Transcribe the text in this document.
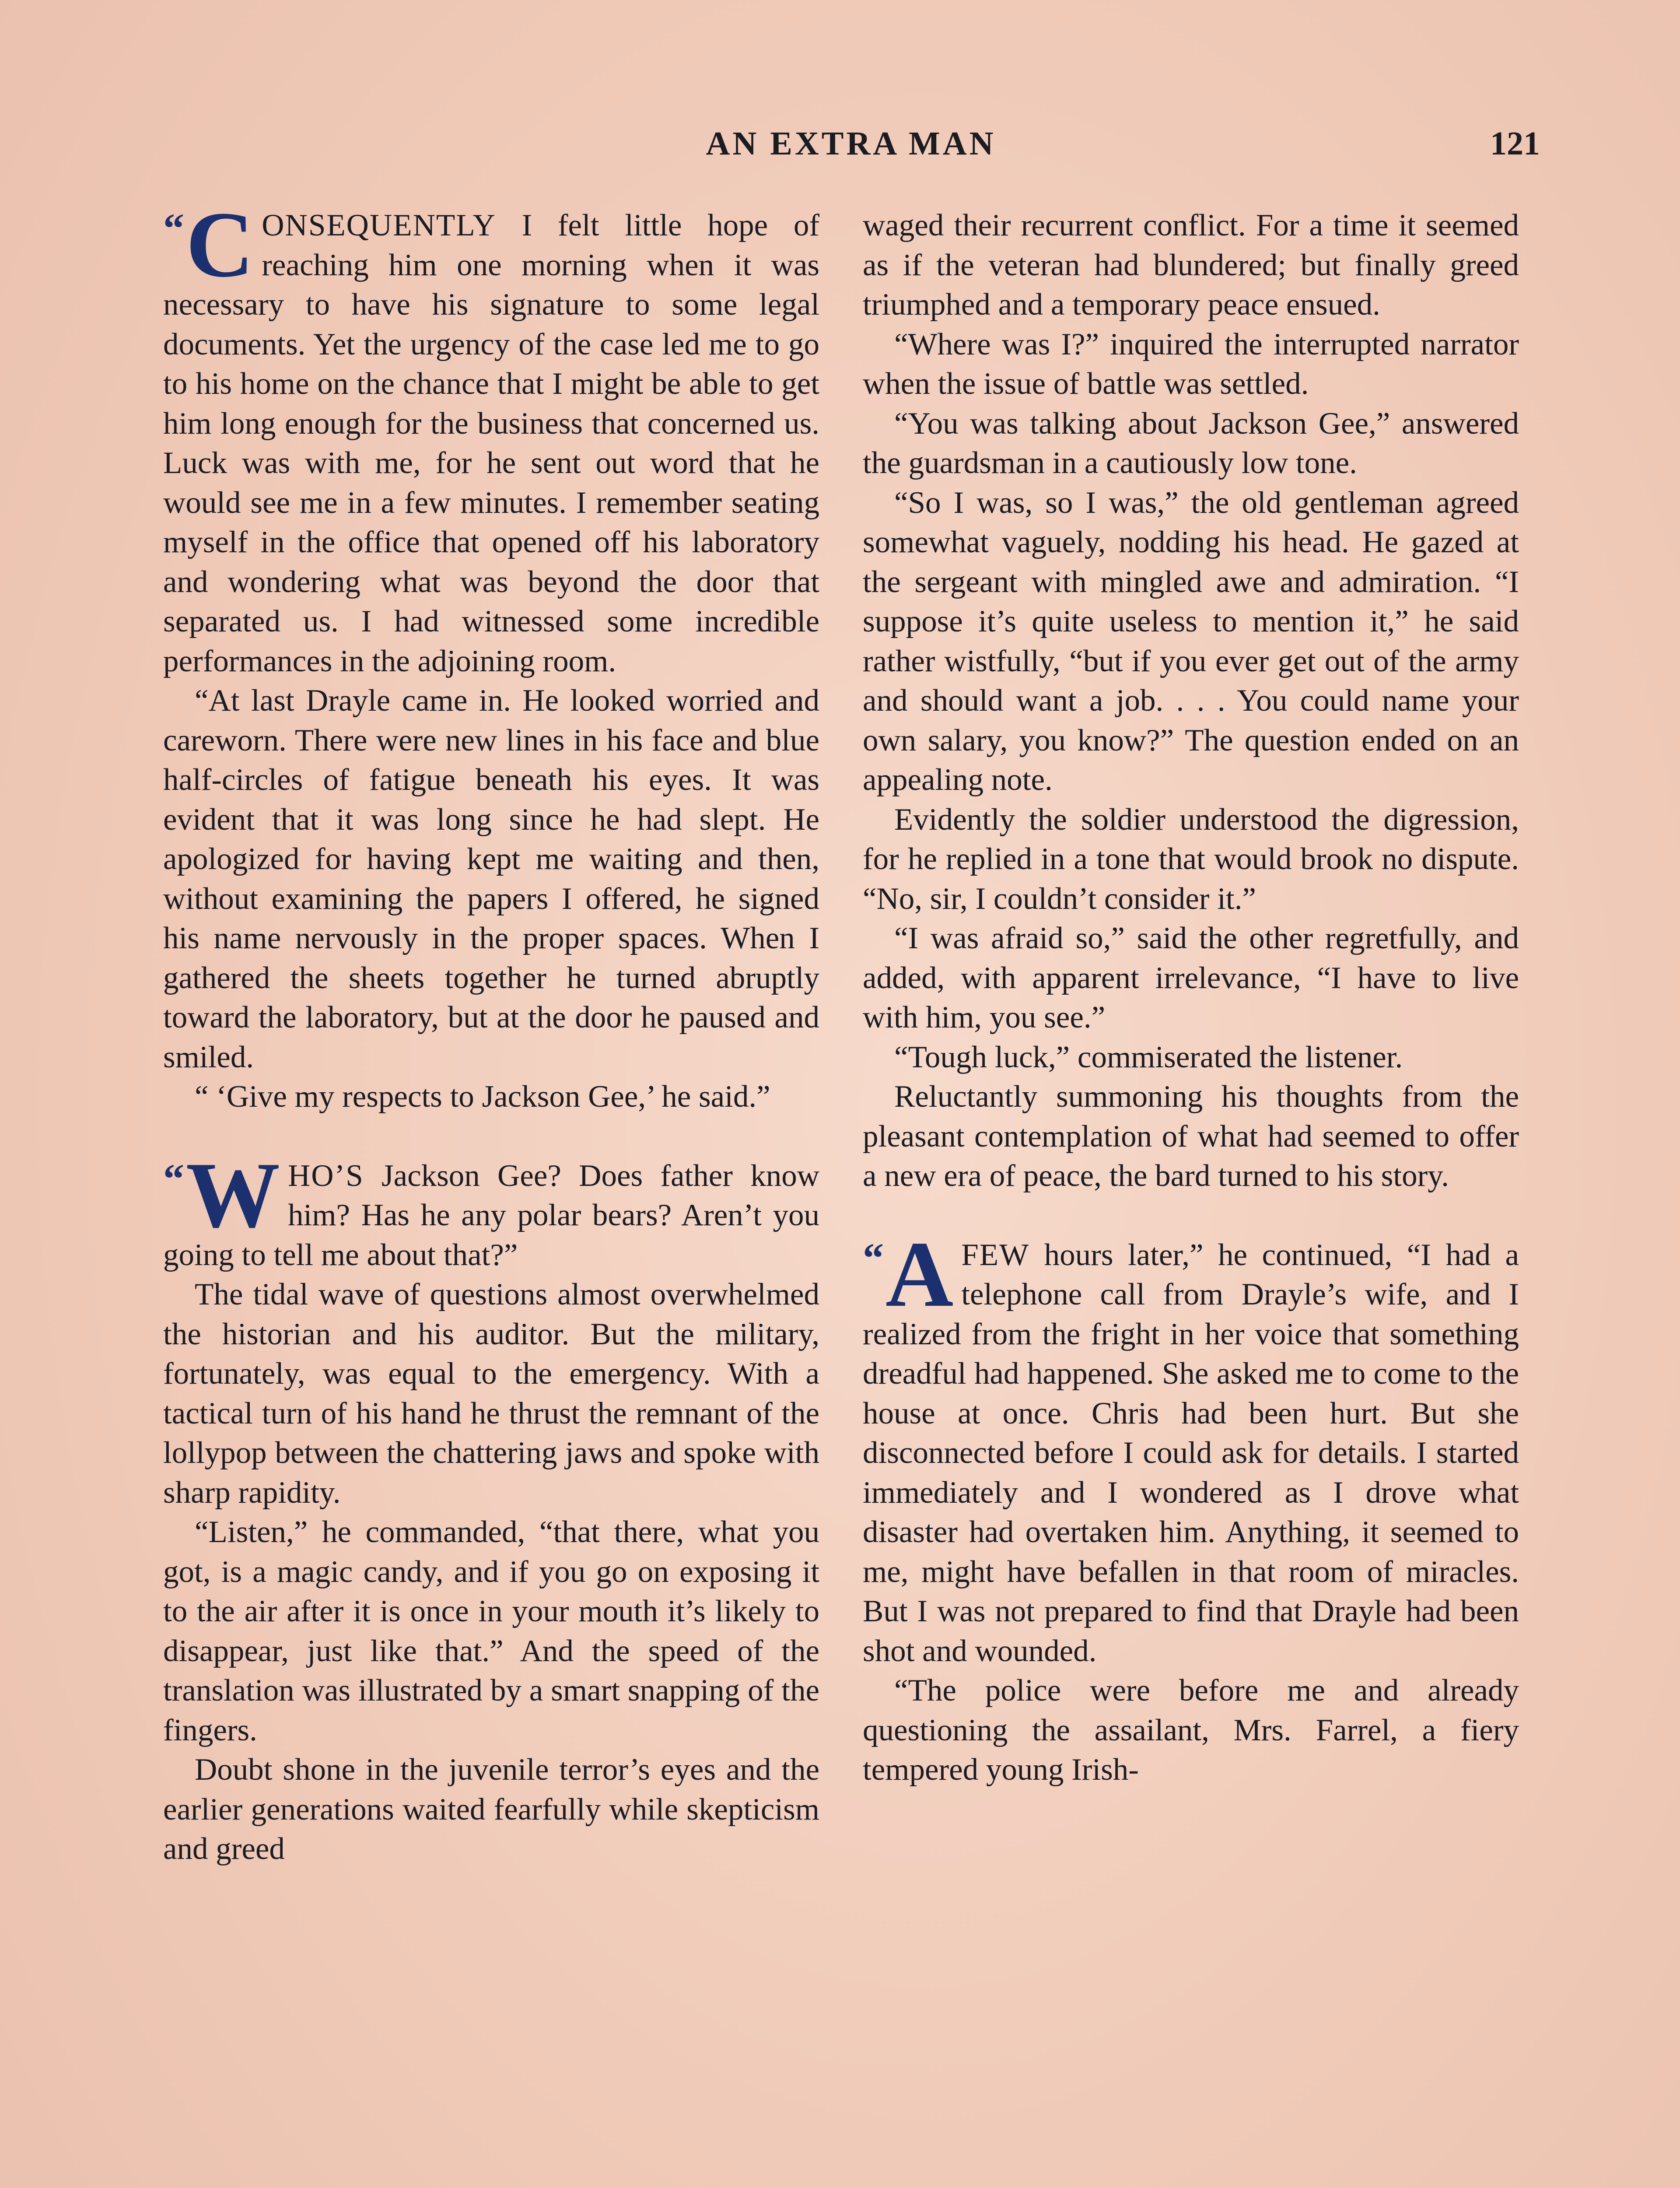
AN EXTRA MAN	121

“C ONSEQUENTLY I felt little hope of reaching him one morning when it was necessary to have his signature to some legal documents. Yet the urgency of the case led me to go to his home on the chance that I might be able to get him long enough for the business that concerned us. Luck was with me, for he sent out word that he would see me in a few minutes. I remember seating myself in the office that opened off his laboratory and wondering what was beyond the door that separated us. I had witnessed some incredible performances in the adjoining room.

“At last Drayle came in. He looked worried and careworn. There were new lines in his face and blue half-circles of fatigue beneath his eyes. It was evident that it was long since he had slept. He apologized for having kept me waiting and then, without examining the papers I offered, he signed his name nervously in the proper spaces. When I gathered the sheets together he turned abruptly toward the laboratory, but at the door he paused and smiled.

“ ‘Give my respects to Jackson Gee,’ he said.”

“W HO’S Jackson Gee? Does father know him? Has he any polar bears? Aren’t you going to tell me about that?”

The tidal wave of questions almost overwhelmed the historian and his auditor. But the military, fortunately, was equal to the emergency. With a tactical turn of his hand he thrust the remnant of the lollypop between the chattering jaws and spoke with sharp rapidity.

“Listen,” he commanded, “that there, what you got, is a magic candy, and if you go on exposing it to the air after it is once in your mouth it’s likely to disappear, just like that.” And the speed of the translation was illustrated by a smart snapping of the fingers.

Doubt shone in the juvenile terror’s eyes and the earlier generations waited fearfully while skepticism and greed

waged their recurrent conflict. For a time it seemed as if the veteran had blundered; but finally greed triumphed and a temporary peace ensued.

“Where was I?” inquired the interrupted narrator when the issue of battle was settled.

“You was talking about Jackson Gee,” answered the guardsman in a cautiously low tone.

“So I was, so I was,” the old gentleman agreed somewhat vaguely, nodding his head. He gazed at the sergeant with mingled awe and admiration. “I suppose it’s quite useless to mention it,” he said rather wistfully, “but if you ever get out of the army and should want a job. . . . You could name your own salary, you know?” The question ended on an appealing note.

Evidently the soldier understood the digression, for he replied in a tone that would brook no dispute. “No, sir, I couldn’t consider it.”

“I was afraid so,” said the other regretfully, and added, with apparent irrelevance, “I have to live with him, you see.”

“Tough luck,” commiserated the listener.

Reluctantly summoning his thoughts from the pleasant contemplation of what had seemed to offer a new era of peace, the bard turned to his story.

“A FEW hours later,” he continued, “I had a telephone call from Drayle’s wife, and I realized from the fright in her voice that something dreadful had happened. She asked me to come to the house at once. Chris had been hurt. But she disconnected before I could ask for details. I started immediately and I wondered as I drove what disaster had overtaken him. Anything, it seemed to me, might have befallen in that room of miracles. But I was not prepared to find that Drayle had been shot and wounded.

“The police were before me and already questioning the assailant, Mrs. Farrel, a fiery tempered young Irish-
